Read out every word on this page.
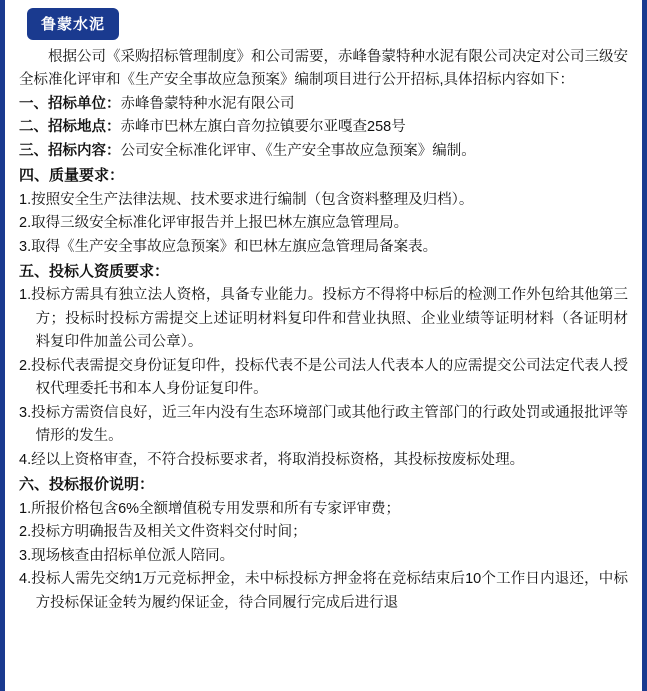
鲁蒙水泥

根据公司《采购招标管理制度》和公司需要，赤峰鲁蒙特种水泥有限公司决定对公司三级安全标准化评审和《生产安全事故应急预案》编制项目进行公开招标,具体招标内容如下：

一、招标单位：赤峰鲁蒙特种水泥有限公司

二、招标地点：赤峰市巴林左旗白音勿拉镇要尔亚嘎查258号

三、招标内容：公司安全标准化评审、《生产安全事故应急预案》编制。

四、质量要求：

1.按照安全生产法律法规、技术要求进行编制（包含资料整理及归档）。

2.取得三级安全标准化评审报告并上报巴林左旗应急管理局。

3.取得《生产安全事故应急预案》和巴林左旗应急管理局备案表。

五、投标人资质要求：

1.投标方需具有独立法人资格，具备专业能力。投标方不得将中标后的检测工作外包给其他第三方；投标时投标方需提交上述证明材料复印件和营业执照、企业业绩等证明材料（各证明材料复印件加盖公司公章）。

2.投标代表需提交身份证复印件，投标代表不是公司法人代表本人的应需提交公司法定代表人授权代理委托书和本人身份证复印件。

3.投标方需资信良好，近三年内没有生态环境部门或其他行政主管部门的行政处罚或通报批评等情形的发生。

4.经以上资格审查，不符合投标要求者，将取消投标资格，其投标按废标处理。

六、投标报价说明：

1.所报价格包含6%全额增值税专用发票和所有专家评审费；

2.投标方明确报告及相关文件资料交付时间；

3.现场核查由招标单位派人陪同。

4.投标人需先交纳1万元竞标押金，未中标投标方押金将在竞标结束后10个工作日内退还，中标方投标保证金转为履约保证金，待合同履行完成后进行退
